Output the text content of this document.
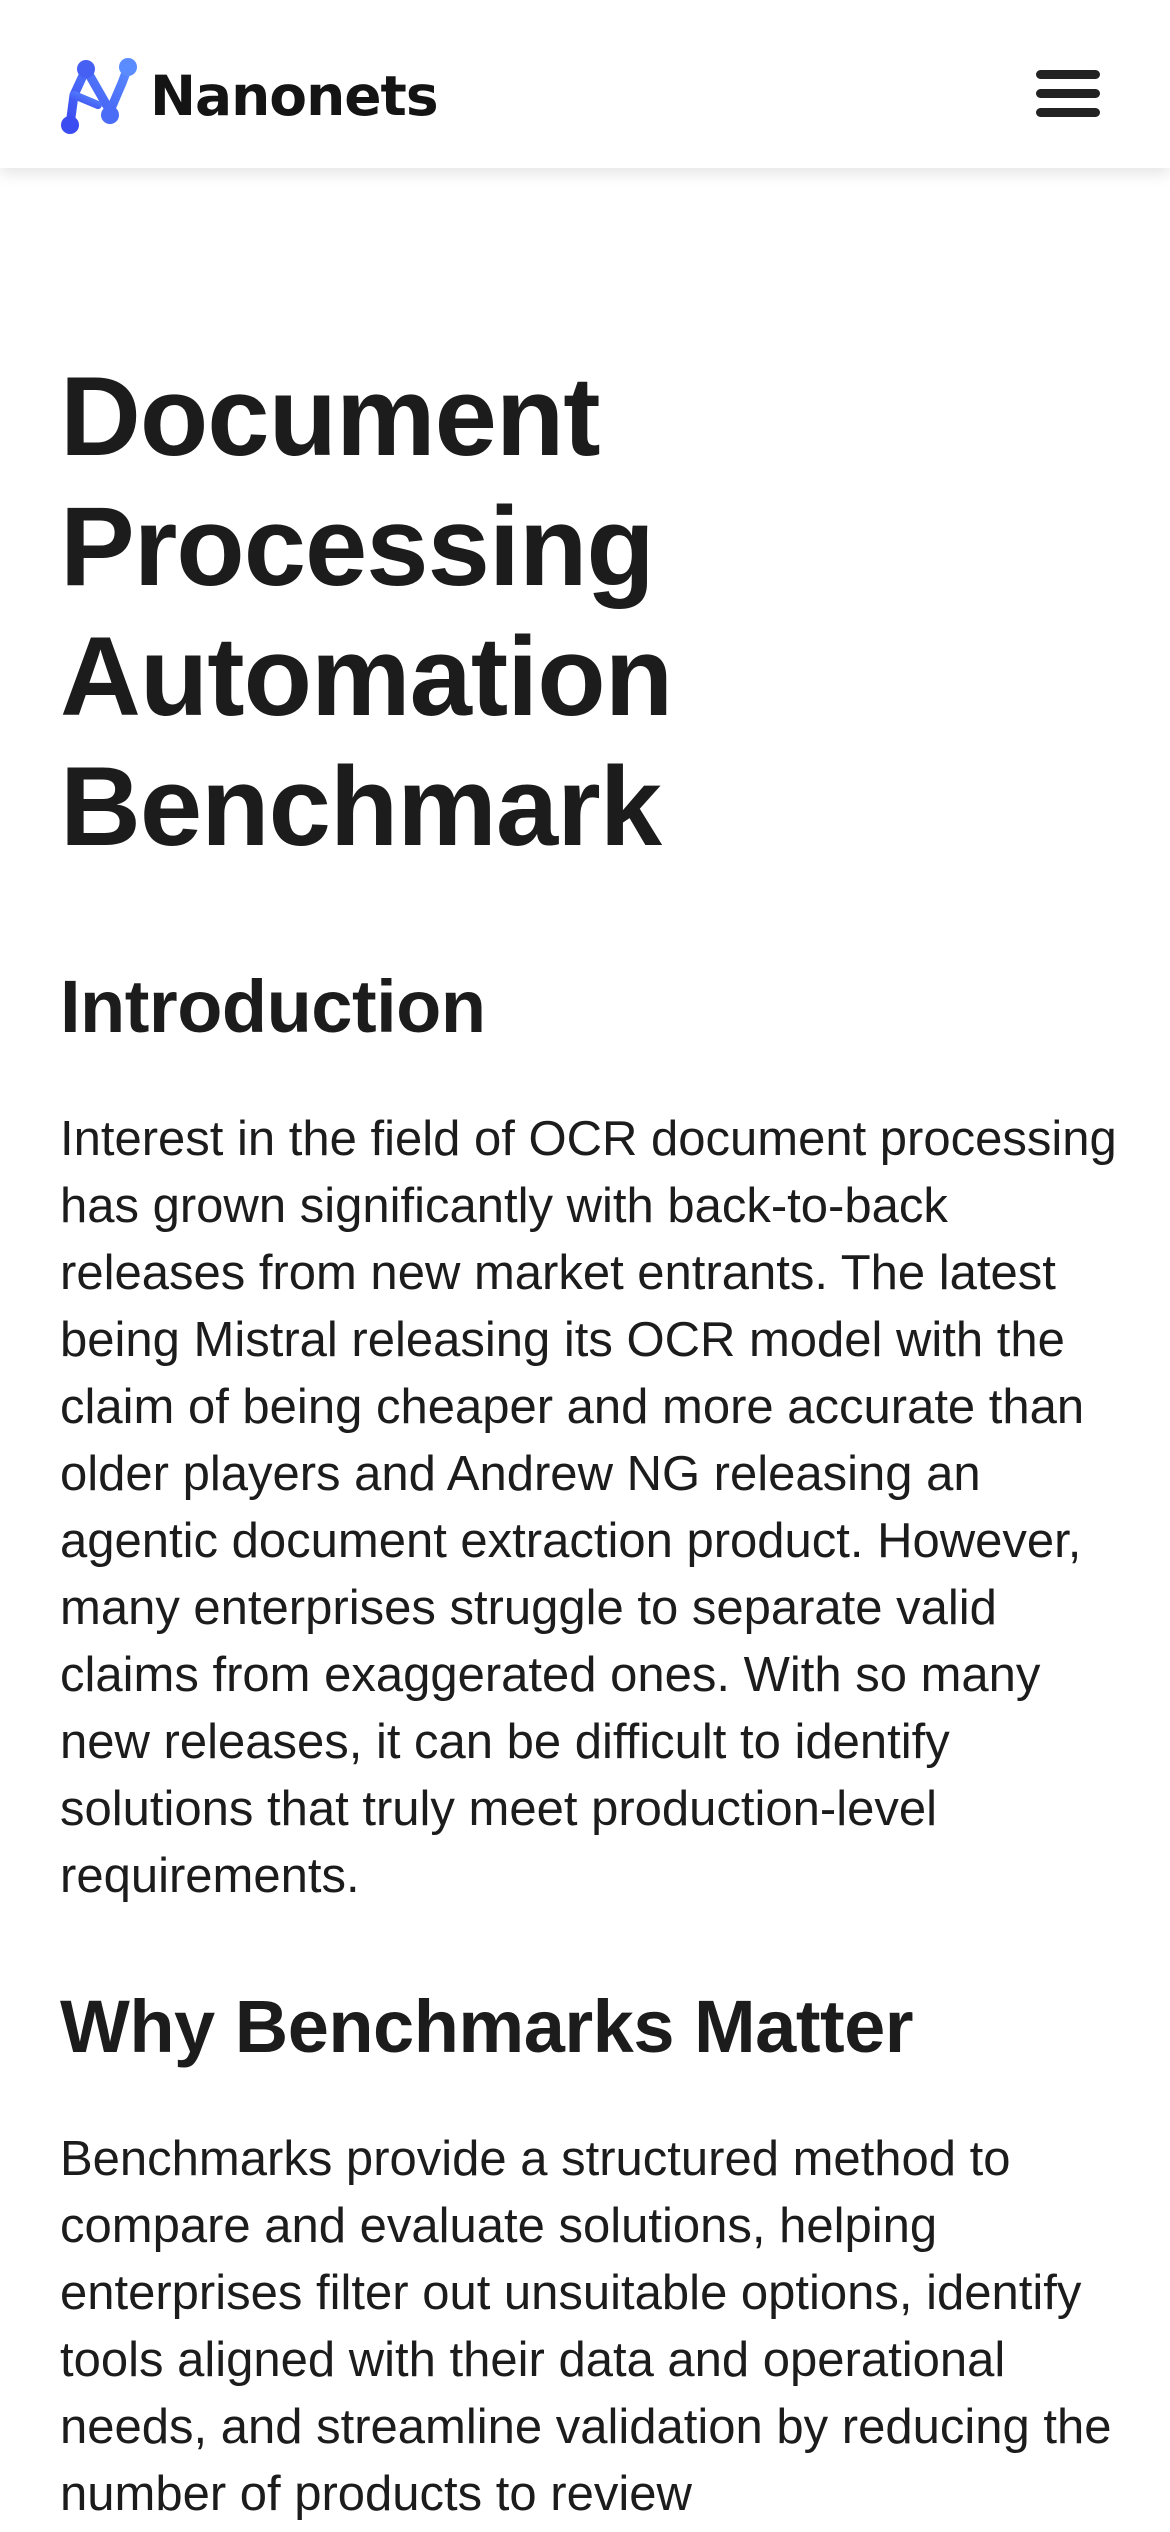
Nanonets
Document Processing Automation Benchmark
Introduction

Interest in the field of OCR document processing has grown significantly with back-to-back releases from new market entrants. The latest being Mistral releasing its OCR model with the claim of being cheaper and more accurate than older players and Andrew NG releasing an agentic document extraction product. However, many enterprises struggle to separate valid claims from exaggerated ones. With so many new releases, it can be difficult to identify solutions that truly meet production-level requirements.

Why Benchmarks Matter

Benchmarks provide a structured method to compare and evaluate solutions, helping enterprises filter out unsuitable options, identify tools aligned with their data and operational needs, and streamline validation by reducing the number of products to review
